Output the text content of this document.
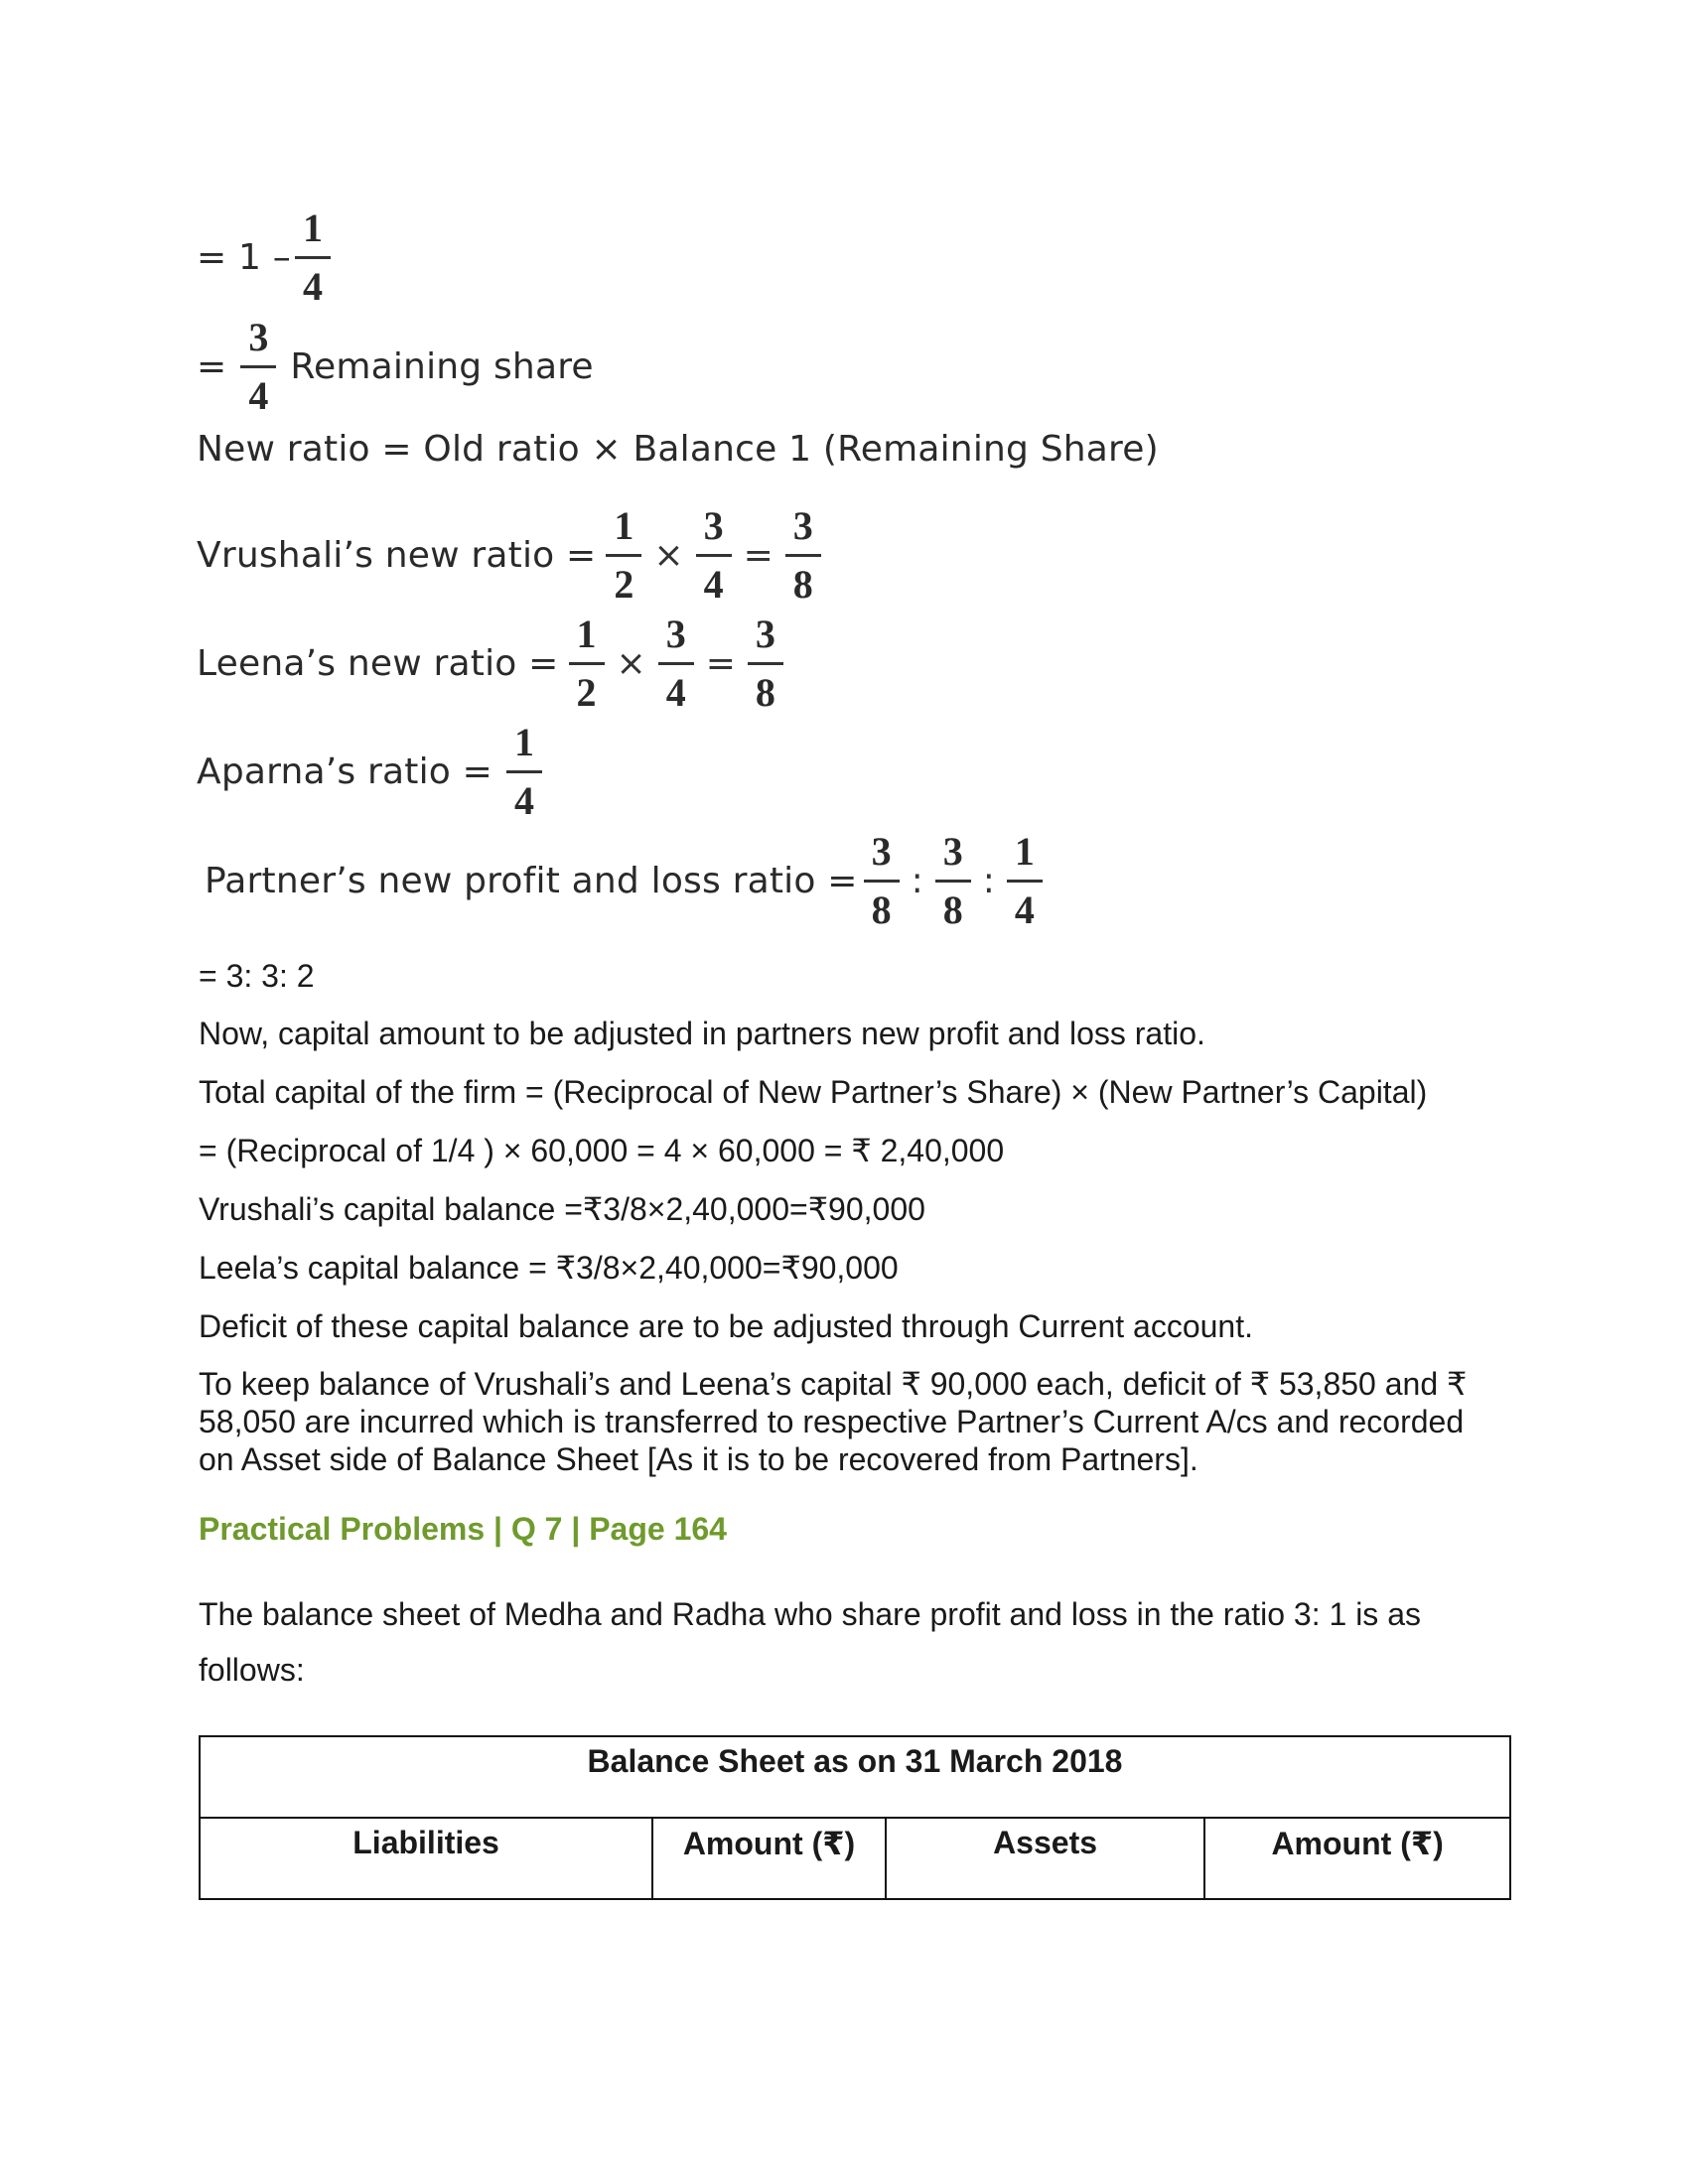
= $1 - \frac{1}{4}$
= $\frac{3}{4}$ Remaining share
New ratio = Old ratio × Balance 1 (Remaining Share)
Vrushali’s new ratio = $\frac{1}{2} \times \frac{3}{4} = \frac{3}{8}$
Leena’s new ratio = $\frac{1}{2} \times \frac{3}{4} = \frac{3}{8}$
Aparna’s ratio = $\frac{1}{4}$
Partner’s new profit and loss ratio = $\frac{3}{8}$ : $\frac{3}{8}$ : $\frac{1}{4}$
= 3: 3: 2
Now, capital amount to be adjusted in partners new profit and loss ratio.
Total capital of the firm = (Reciprocal of New Partner’s Share) × (New Partner’s Capital)
= (Reciprocal of 1/4 ) × 60,000 = 4 × 60,000 = ₹ 2,40,000
Vrushali’s capital balance =₹3/8×2,40,000=₹90,000
Leela’s capital balance = ₹3/8×2,40,000=₹90,000
Deficit of these capital balance are to be adjusted through Current account.
To keep balance of Vrushali’s and Leena’s capital ₹ 90,000 each, deficit of ₹ 53,850 and ₹ 58,050 are incurred which is transferred to respective Partner’s Current A/cs and recorded on Asset side of Balance Sheet [As it is to be recovered from Partners].
Practical Problems | Q 7 | Page 164
The balance sheet of Medha and Radha who share profit and loss in the ratio 3: 1 is as follows:
Balance Sheet as on 31 March 2018
Liabilities	Amount (₹)	Assets	Amount (₹)
